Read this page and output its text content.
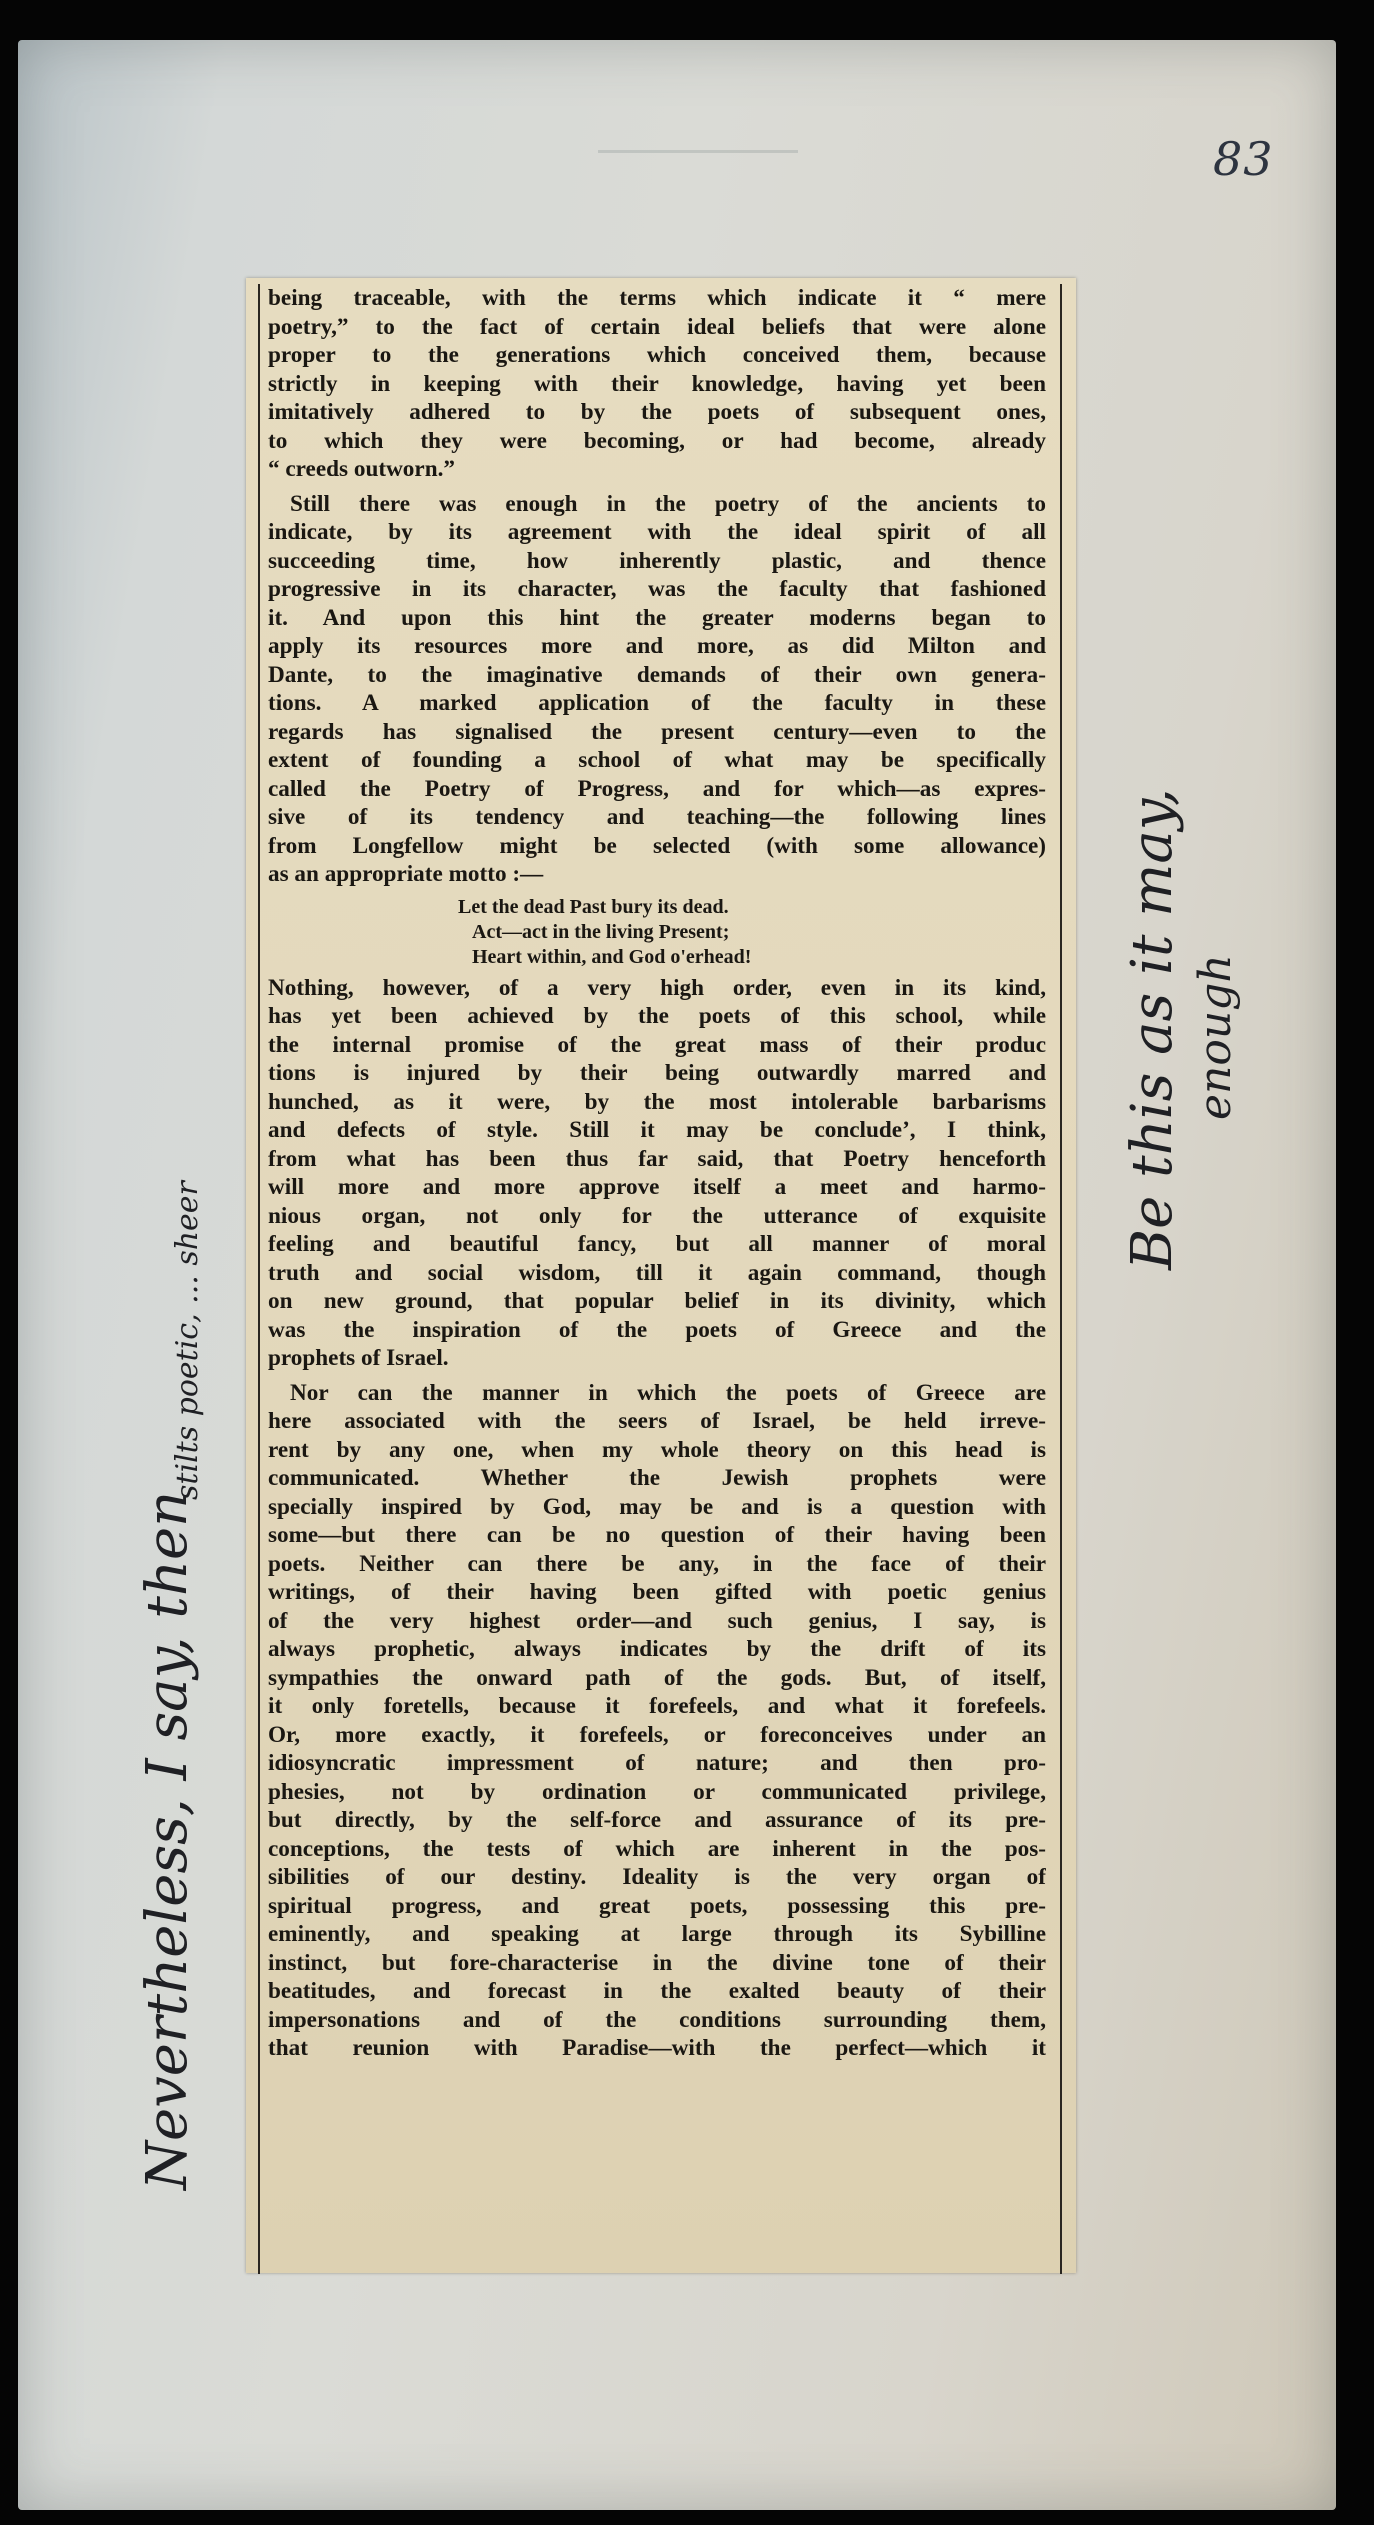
83
being traceable, with the terms which indicate it “ mere
poetry,” to the fact of certain ideal beliefs that were alone
proper to the generations which conceived them, because
strictly in keeping with their knowledge, having yet been
imitatively adhered to by the poets of subsequent ones,
to which they were becoming, or had become, already
“ creeds outworn.”
Still there was enough in the poetry of the ancients to
indicate, by its agreement with the ideal spirit of all
succeeding time, how inherently plastic, and thence
progressive in its character, was the faculty that fashioned
it. And upon this hint the greater moderns began to
apply its resources more and more, as did Milton and
Dante, to the imaginative demands of their own genera-
tions. A marked application of the faculty in these
regards has signalised the present century—even to the
extent of founding a school of what may be specifically
called the Poetry of Progress, and for which—as expres-
sive of its tendency and teaching—the following lines
from Longfellow might be selected (with some allowance)
as an appropriate motto :—
Let the dead Past bury its dead.
Act—act in the living Present;
Heart within, and God o'erhead!
Nothing, however, of a very high order, even in its kind,
has yet been achieved by the poets of this school, while
the internal promise of the great mass of their produc
tions is injured by their being outwardly marred and
hunched, as it were, by the most intolerable barbarisms
and defects of style. Still it may be conclude’, I think,
from what has been thus far said, that Poetry henceforth
will more and more approve itself a meet and harmo-
nious organ, not only for the utterance of exquisite
feeling and beautiful fancy, but all manner of moral
truth and social wisdom, till it again command, though
on new ground, that popular belief in its divinity, which
was the inspiration of the poets of Greece and the
prophets of Israel.
Nor can the manner in which the poets of Greece are
here associated with the seers of Israel, be held irreve-
rent by any one, when my whole theory on this head is
communicated. Whether the Jewish prophets were
specially inspired by God, may be and is a question with
some—but there can be no question of their having been
poets. Neither can there be any, in the face of their
writings, of their having been gifted with poetic genius
of the very highest order—and such genius, I say, is
always prophetic, always indicates by the drift of its
sympathies the onward path of the gods. But, of itself,
it only foretells, because it forefeels, and what it forefeels.
Or, more exactly, it forefeels, or foreconceives under an
idiosyncratic impressment of nature; and then pro-
phesies, not by ordination or communicated privilege,
but directly, by the self-force and assurance of its pre-
conceptions, the tests of which are inherent in the pos-
sibilities of our destiny. Ideality is the very organ of
spiritual progress, and great poets, possessing this pre-
eminently, and speaking at large through its Sybilline
instinct, but fore-characterise in the divine tone of their
beatitudes, and forecast in the exalted beauty of their
impersonations and of the conditions surrounding them,
that reunion with Paradise—with the perfect—which it
Nevertheless, I say, then
stilts poetic, ... sheer
Be this as it may, enough
